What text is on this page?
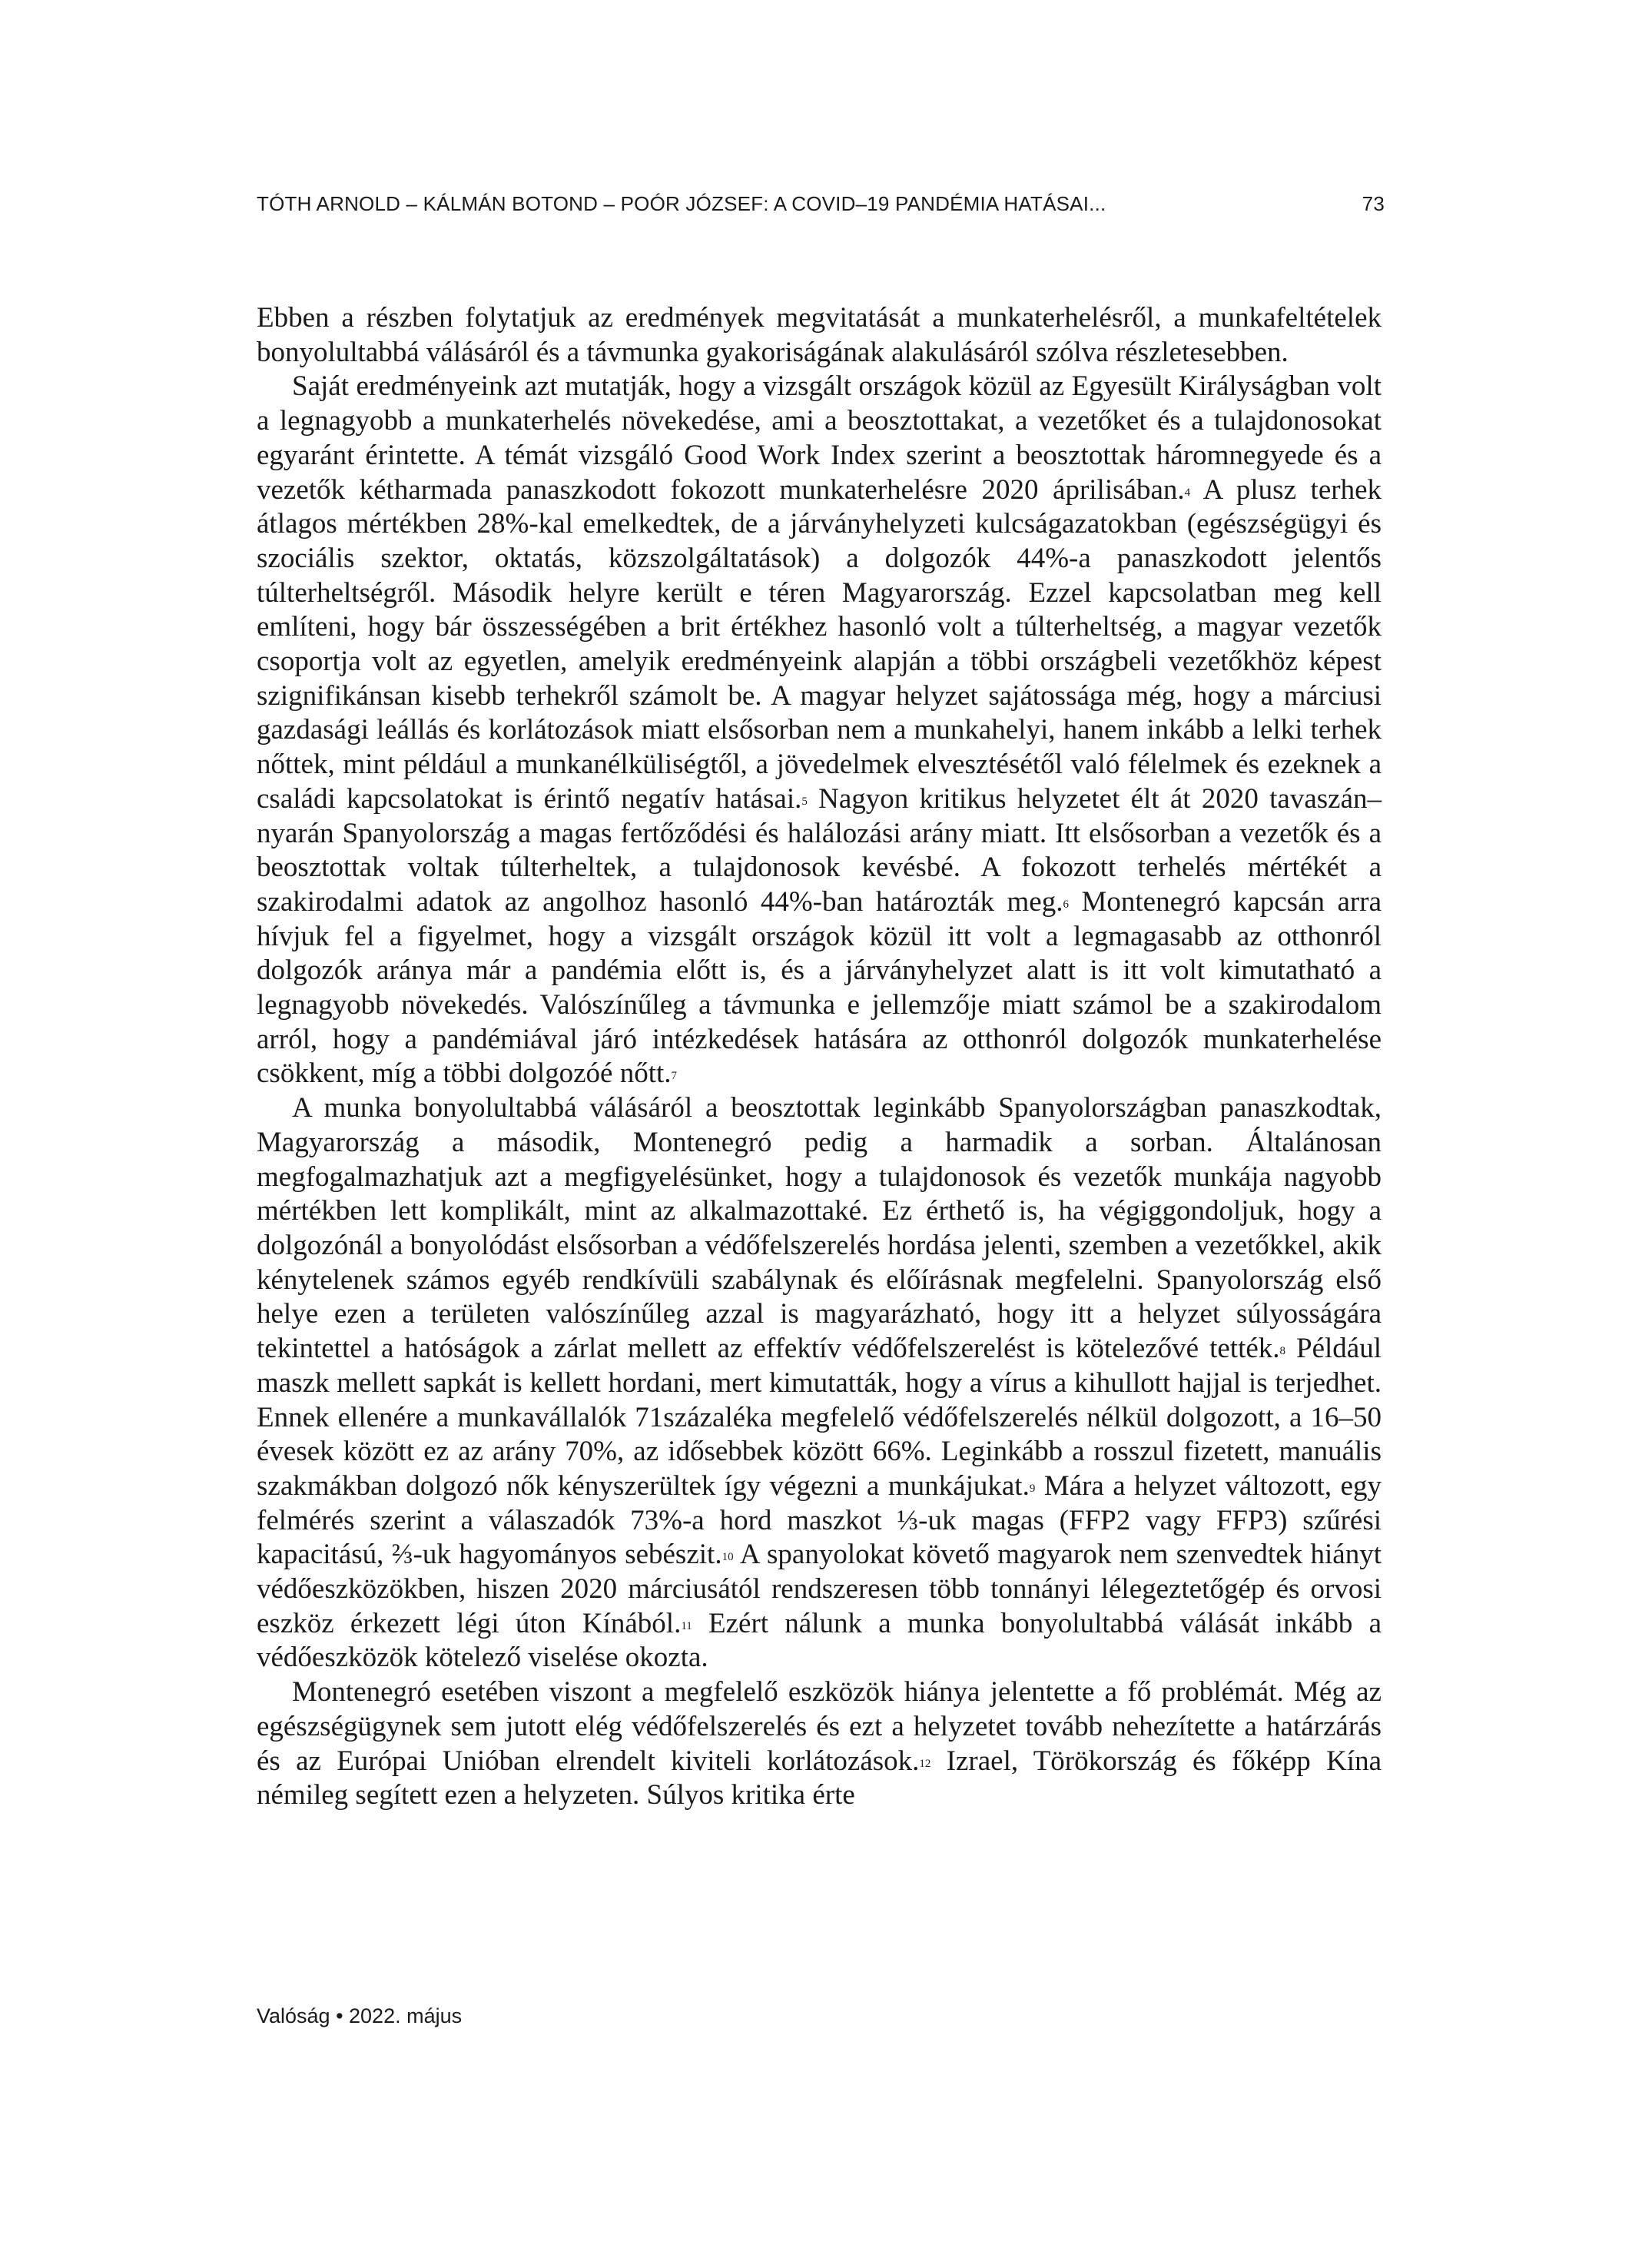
TÓTH ARNOLD – KÁLMÁN BOTOND – POÓR JÓZSEF: A COVID–19 PANDÉMIA HATÁSAI...	73

Ebben a részben folytatjuk az eredmények megvitatását a munkaterhelésről, a munkafeltételek bonyolultabbá válásáról és a távmunka gyakoriságának alakulásáról szólva részletesebben.

Saját eredményeink azt mutatják, hogy a vizsgált országok közül az Egyesült Királyságban volt a legnagyobb a munkaterhelés növekedése, ami a beosztottakat, a vezetőket és a tulajdonosokat egyaránt érintette. A témát vizsgáló Good Work Index szerint a beosztottak háromnegyede és a vezetők kétharmada panaszkodott fokozott munkaterhelésre 2020 áprilisában.$^4$ A plusz terhek átlagos mértékben 28%-kal emelkedtek, de a járványhelyzeti kulcságazatokban (egészségügyi és szociális szektor, oktatás, közszolgáltatások) a dolgozók 44%-a panaszkodott jelentős túlterheltségről. Második helyre került e téren Magyarország. Ezzel kapcsolatban meg kell említeni, hogy bár összességében a brit értékhez hasonló volt a túlterheltség, a magyar vezetők csoportja volt az egyetlen, amelyik eredményeink alapján a többi országbeli vezetőkhöz képest szignifikánsan kisebb terhekről számolt be. A magyar helyzet sajátossága még, hogy a márciusi gazdasági leállás és korlátozások miatt elsősorban nem a munkahelyi, hanem inkább a lelki terhek nőttek, mint például a munkanélküliségtől, a jövedelmek elvesztésétől való félelmek és ezeknek a családi kapcsolatokat is érintő negatív hatásai.$^5$ Nagyon kritikus helyzetet élt át 2020 tavaszán–nyarán Spanyolország a magas fertőződési és halálozási arány miatt. Itt elsősorban a vezetők és a beosztottak voltak túlterheltek, a tulajdonosok kevésbé. A fokozott terhelés mértékét a szakirodalmi adatok az angolhoz hasonló 44%-ban határozták meg.$^6$ Montenegró kapcsán arra hívjuk fel a figyelmet, hogy a vizsgált országok közül itt volt a legmagasabb az otthonról dolgozók aránya már a pandémia előtt is, és a járványhelyzet alatt is itt volt kimutatható a legnagyobb növekedés. Valószínűleg a távmunka e jellemzője miatt számol be a szakirodalom arról, hogy a pandémiával járó intézkedések hatására az otthonról dolgozók munkaterhelése csökkent, míg a többi dolgozóé nőtt.$^7$

A munka bonyolultabbá válásáról a beosztottak leginkább Spanyolországban panaszkodtak, Magyarország a második, Montenegró pedig a harmadik a sorban. Általánosan megfogalmazhatjuk azt a megfigyelésünket, hogy a tulajdonosok és vezetők munkája nagyobb mértékben lett komplikált, mint az alkalmazottaké. Ez érthető is, ha végiggondoljuk, hogy a dolgozónál a bonyolódást elsősorban a védőfelszerelés hordása jelenti, szemben a vezetőkkel, akik kénytelenek számos egyéb rendkívüli szabálynak és előírásnak megfelelni. Spanyolország első helye ezen a területen valószínűleg azzal is magyarázható, hogy itt a helyzet súlyosságára tekintettel a hatóságok a zárlat mellett az effektív védőfelszerelést is kötelezővé tették.$^8$ Például maszk mellett sapkát is kellett hordani, mert kimutatták, hogy a vírus a kihullott hajjal is terjedhet. Ennek ellenére a munkavállalók 71százaléka megfelelő védőfelszerelés nélkül dolgozott, a 16–50 évesek között ez az arány 70%, az idősebbek között 66%. Leginkább a rosszul fizetett, manuális szakmákban dolgozó nők kényszerültek így végezni a munkájukat.$^9$ Mára a helyzet változott, egy felmérés szerint a válaszadók 73%-a hord maszkot ⅓-uk magas (FFP2 vagy FFP3) szűrési kapacitású, ⅔-uk hagyományos sebészit.$^{10}$ A spanyolokat követő magyarok nem szenvedtek hiányt védőeszközökben, hiszen 2020 márciusától rendszeresen több tonnányi lélegeztetőgép és orvosi eszköz érkezett légi úton Kínából.$^{11}$ Ezért nálunk a munka bonyolultabbá válását inkább a védőeszközök kötelező viselése okozta.

Montenegró esetében viszont a megfelelő eszközök hiánya jelentette a fő problémát. Még az egészségügynek sem jutott elég védőfelszerelés és ezt a helyzetet tovább nehezítette a határzárás és az Európai Unióban elrendelt kiviteli korlátozások.$^{12}$ Izrael, Törökország és főképp Kína némileg segített ezen a helyzeten. Súlyos kritika érte

Valóság • 2022. május
